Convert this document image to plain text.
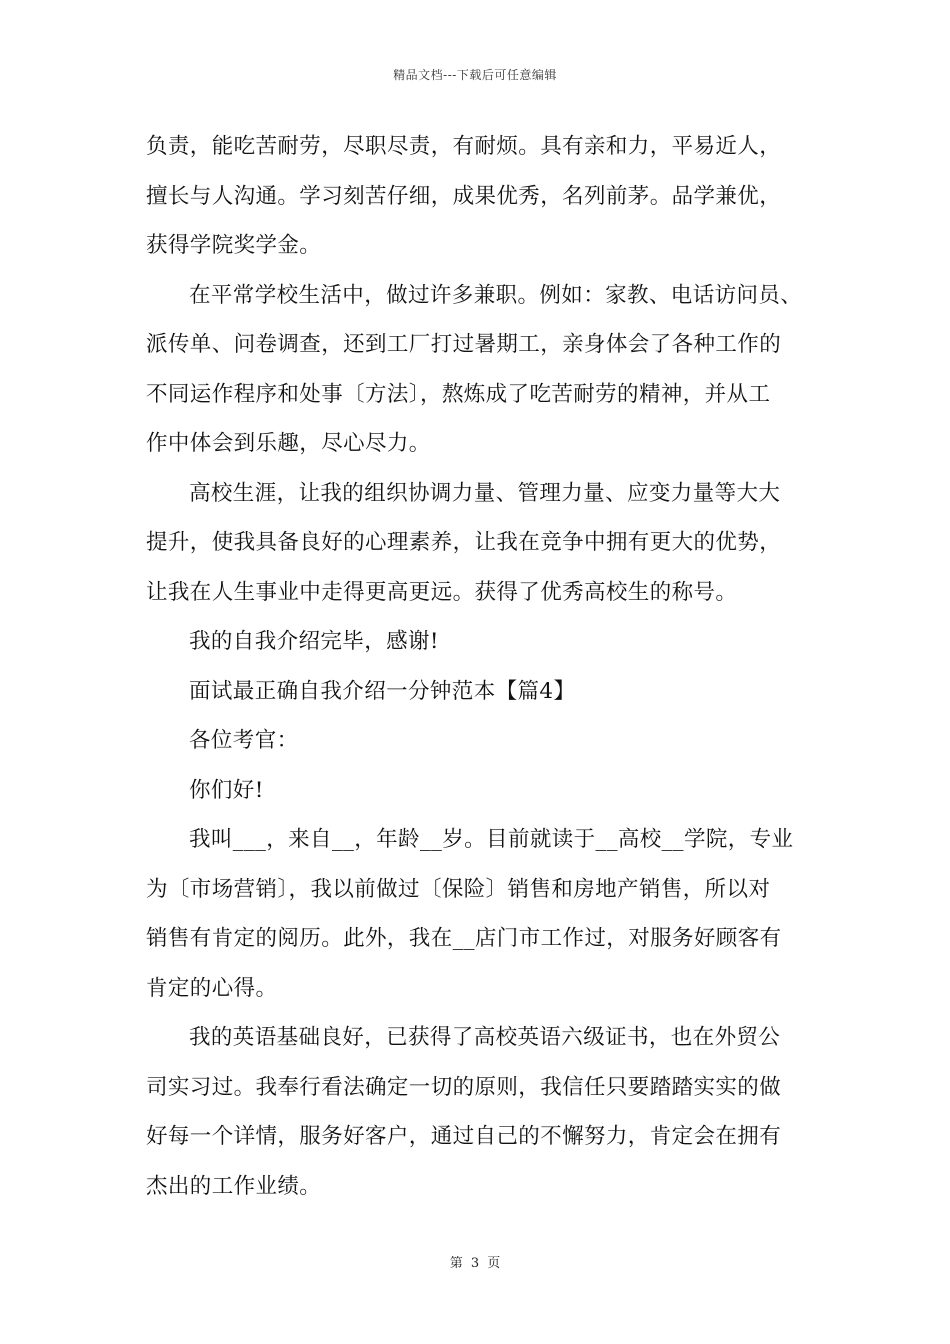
精品文档---下载后可任意编辑
负责，能吃苦耐劳，尽职尽责，有耐烦。具有亲和力，平易近人，
擅长与人沟通。学习刻苦仔细，成果优秀，名列前茅。品学兼优，
获得学院奖学金。
在平常学校生活中，做过许多兼职。例如：家教、电话访问员、
派传单、问卷调查，还到工厂打过暑期工，亲身体会了各种工作的
不同运作程序和处事〔方法〕，熬炼成了吃苦耐劳的精神，并从工
作中体会到乐趣，尽心尽力。
高校生涯，让我的组织协调力量、管理力量、应变力量等大大
提升，使我具备良好的心理素养，让我在竞争中拥有更大的优势，
让我在人生事业中走得更高更远。获得了优秀高校生的称号。
我的自我介绍完毕，感谢!
面试最正确自我介绍一分钟范本【篇4】
各位考官：
你们好!
我叫___，来自__，年龄__岁。目前就读于__高校__学院，专业
为〔市场营销〕，我以前做过〔保险〕销售和房地产销售，所以对
销售有肯定的阅历。此外，我在__店门市工作过，对服务好顾客有
肯定的心得。
我的英语基础良好，已获得了高校英语六级证书，也在外贸公
司实习过。我奉行看法确定一切的原则，我信任只要踏踏实实的做
好每一个详情，服务好客户，通过自己的不懈努力，肯定会在拥有
杰出的工作业绩。
第 3 页
